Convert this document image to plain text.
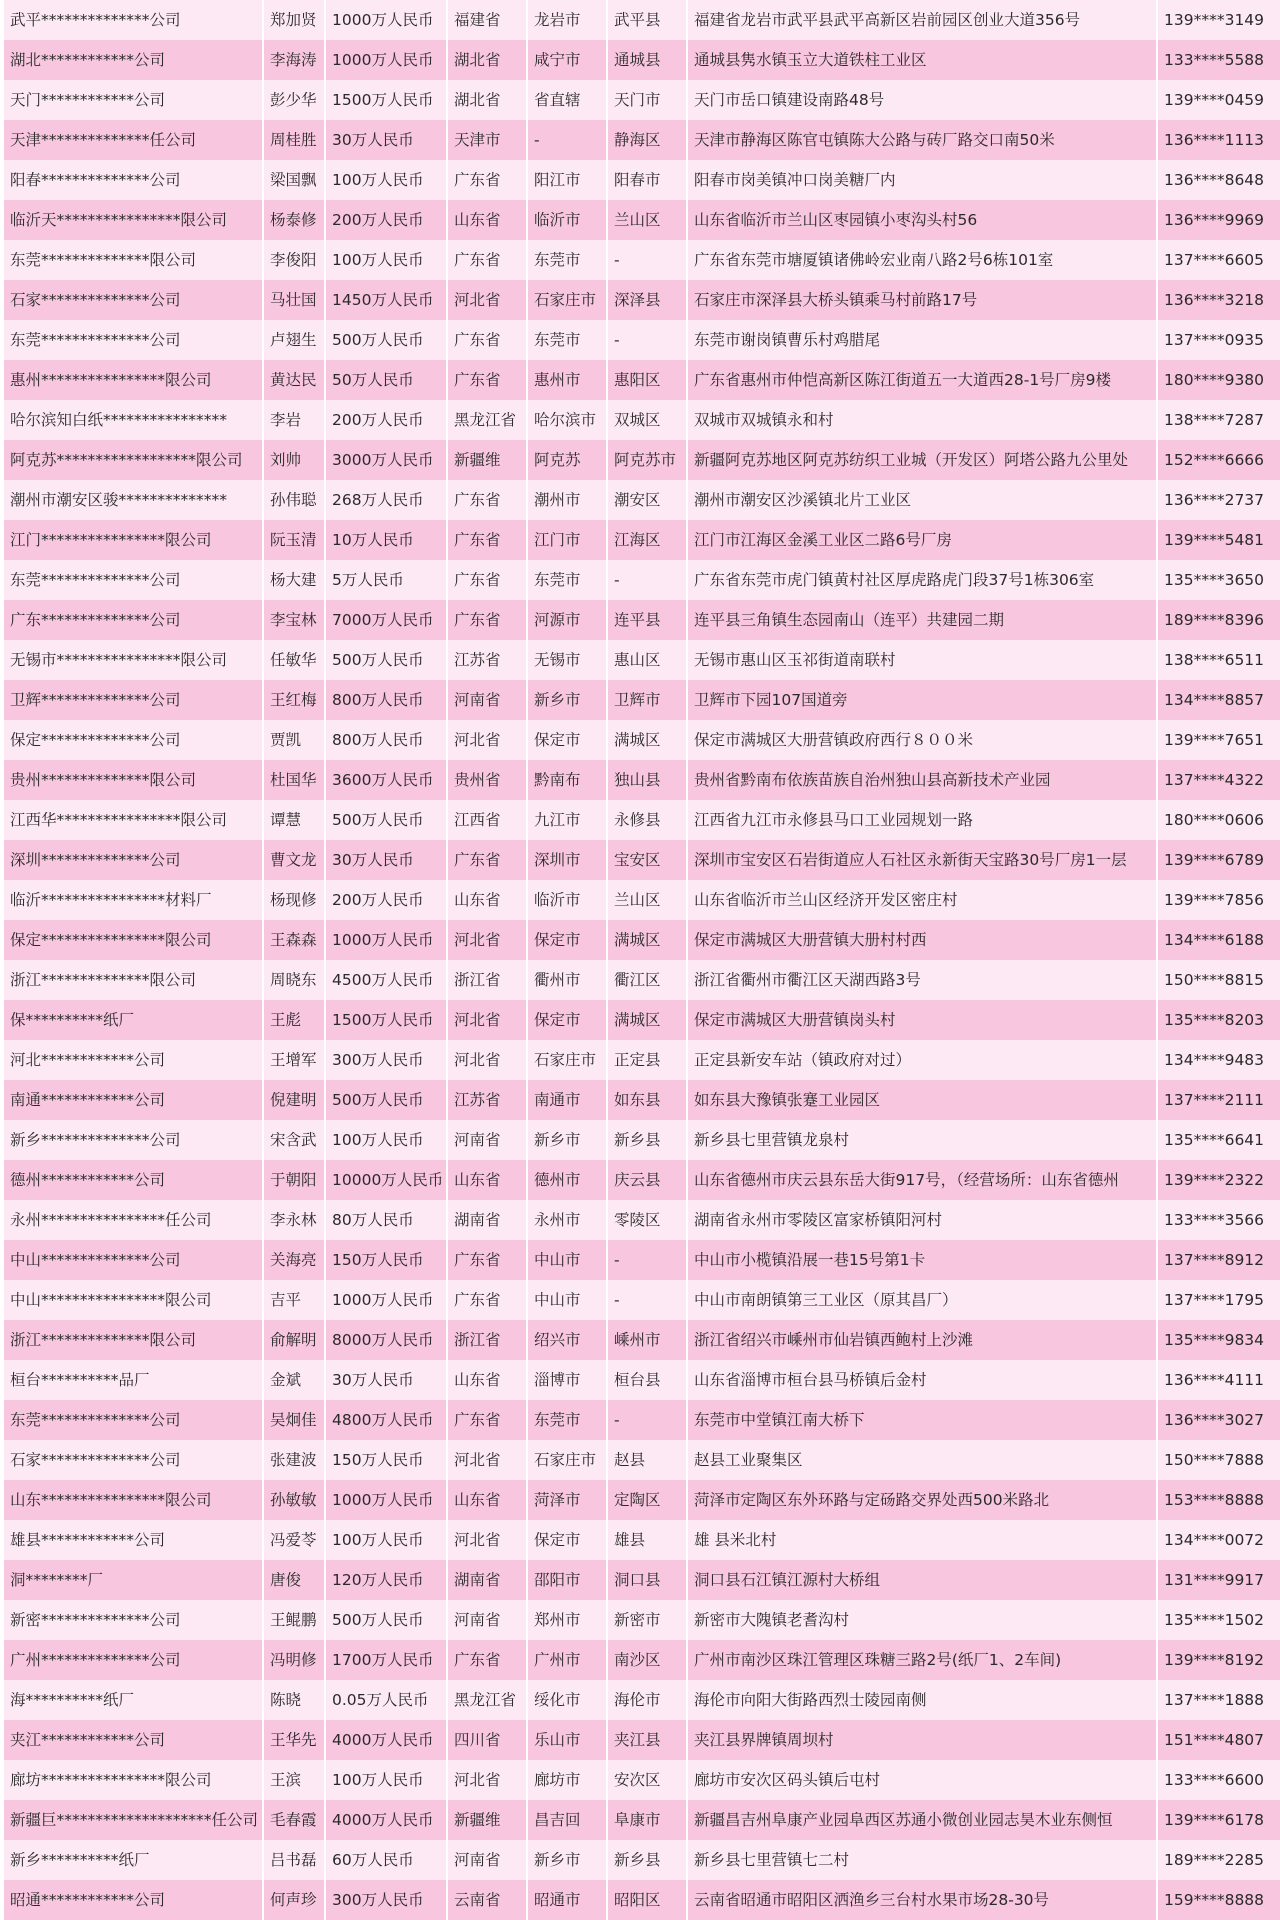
武平**************公司	郑加贤 1000万人民币	福建省	龙岩市	武平县	福建省龙岩市武平县武平高新区岩前园区创业大道356号	139****3149
湖北************公司	李海涛 1000万人民币	湖北省	咸宁市	通城县	通城县隽水镇玉立大道铁柱工业区	133****5588
天门************公司	彭少华 1500万人民币	湖北省	省直辖	天门市	天门市岳口镇建设南路48号	139****0459
天津**************任公司	周桂胜 30万人民币	天津市	-	静海区	天津市静海区陈官屯镇陈大公路与砖厂路交口南50米	136****1113
阳春**************公司	梁国飘 100万人民币	广东省	阳江市	阳春市	阳春市岗美镇冲口岗美糖厂内	136****8648
临沂天****************限公司	杨泰修 200万人民币	山东省	临沂市	兰山区	山东省临沂市兰山区枣园镇小枣沟头村56	136****9969
东莞**************限公司	李俊阳 100万人民币	广东省	东莞市	-	广东省东莞市塘厦镇诸佛岭宏业南八路2号6栋101室	137****6605
石家**************公司	马壮国 1450万人民币	河北省	石家庄市	深泽县	石家庄市深泽县大桥头镇乘马村前路17号	136****3218
东莞**************公司	卢翅生 500万人民币	广东省	东莞市	-	东莞市谢岗镇曹乐村鸡腊尾	137****0935
惠州****************限公司	黄达民 50万人民币	广东省	惠州市	惠阳区	广东省惠州市仲恺高新区陈江街道五一大道西28-1号厂房9楼	180****9380
哈尔滨知白纸****************	李岩	200万人民币	黑龙江省	哈尔滨市	双城区	双城市双城镇永和村	138****7287
阿克苏******************限公司	刘帅	3000万人民币	新疆维	阿克苏	阿克苏市	新疆阿克苏地区阿克苏纺织工业城（开发区）阿塔公路九公里处	152****6666
潮州市潮安区骏**************	孙伟聪 268万人民币	广东省	潮州市	潮安区	潮州市潮安区沙溪镇北片工业区	136****2737
江门****************限公司	阮玉清 10万人民币	广东省	江门市	江海区	江门市江海区金溪工业区二路6号厂房	139****5481
东莞**************公司	杨大建 5万人民币	广东省	东莞市	-	广东省东莞市虎门镇黄村社区厚虎路虎门段37号1栋306室	135****3650
广东**************公司	李宝林 7000万人民币	广东省	河源市	连平县	连平县三角镇生态园南山（连平）共建园二期	189****8396
无锡市****************限公司	任敏华 500万人民币	江苏省	无锡市	惠山区	无锡市惠山区玉祁街道南联村	138****6511
卫辉**************公司	王红梅 800万人民币	河南省	新乡市	卫辉市	卫辉市下园107国道旁	134****8857
保定**************公司	贾凯	800万人民币	河北省	保定市	满城区	保定市满城区大册营镇政府西行８００米	139****7651
贵州**************限公司	杜国华 3600万人民币	贵州省	黔南布	独山县	贵州省黔南布依族苗族自治州独山县高新技术产业园	137****4322
江西华****************限公司	谭慧	500万人民币	江西省	九江市	永修县	江西省九江市永修县马口工业园规划一路	180****0606
深圳**************公司	曹文龙 30万人民币	广东省	深圳市	宝安区	深圳市宝安区石岩街道应人石社区永新街天宝路30号厂房1一层	139****6789
临沂****************材料厂	杨现修 200万人民币	山东省	临沂市	兰山区	山东省临沂市兰山区经济开发区密庄村	139****7856
保定****************限公司	王森森 1000万人民币	河北省	保定市	满城区	保定市满城区大册营镇大册村村西	134****6188
浙江**************限公司	周晓东 4500万人民币	浙江省	衢州市	衢江区	浙江省衢州市衢江区天湖西路3号	150****8815
保**********纸厂	王彪	1500万人民币	河北省	保定市	满城区	保定市满城区大册营镇岗头村	135****8203
河北************公司	王增军 300万人民币	河北省	石家庄市	正定县	正定县新安车站（镇政府对过）	134****9483
南通************公司	倪建明 500万人民币	江苏省	南通市	如东县	如东县大豫镇张蹇工业园区	137****2111
新乡**************公司	宋含武 100万人民币	河南省	新乡市	新乡县	新乡县七里营镇龙泉村	135****6641
德州************公司	于朝阳 10000万人民币 山东省	德州市	庆云县	山东省德州市庆云县东岳大街917号，（经营场所：山东省德州	139****2322
永州****************任公司	李永林 80万人民币	湖南省	永州市	零陵区	湖南省永州市零陵区富家桥镇阳河村	133****3566
中山**************公司	关海亮 150万人民币	广东省	中山市	-	中山市小榄镇沿展一巷15号第1卡	137****8912
中山****************限公司	吉平	1000万人民币	广东省	中山市	-	中山市南朗镇第三工业区（原其昌厂）	137****1795
浙江**************限公司	俞解明 8000万人民币	浙江省	绍兴市	嵊州市	浙江省绍兴市嵊州市仙岩镇西鲍村上沙滩	135****9834
桓台**********品厂	金斌	30万人民币	山东省	淄博市	桓台县	山东省淄博市桓台县马桥镇后金村	136****4111
东莞**************公司	吴炯佳 4800万人民币	广东省	东莞市	-	东莞市中堂镇江南大桥下	136****3027
石家**************公司	张建波 150万人民币	河北省	石家庄市	赵县	赵县工业聚集区	150****7888
山东****************限公司	孙敏敏 1000万人民币	山东省	菏泽市	定陶区	菏泽市定陶区东外环路与定砀路交界处西500米路北	153****8888
雄县************公司	冯爱苓 100万人民币	河北省	保定市	雄县	雄 县米北村	134****0072
洞********厂	唐俊	120万人民币	湖南省	邵阳市	洞口县	洞口县石江镇江源村大桥组	131****9917
新密**************公司	王鲲鹏 500万人民币	河南省	郑州市	新密市	新密市大隗镇老耆沟村	135****1502
广州**************公司	冯明修 1700万人民币	广东省	广州市	南沙区	广州市南沙区珠江管理区珠糖三路2号(纸厂1、2车间)	139****8192
海**********纸厂	陈晓	0.05万人民币	黑龙江省	绥化市	海伦市	海伦市向阳大街路西烈士陵园南侧	137****1888
夹江************公司	王华先 4000万人民币	四川省	乐山市	夹江县	夹江县界牌镇周坝村	151****4807
廊坊****************限公司	王滨	100万人民币	河北省	廊坊市	安次区	廊坊市安次区码头镇后屯村	133****6600
新疆巨********************任公司 毛春霞 4000万人民币	新疆维	昌吉回	阜康市	新疆昌吉州阜康产业园阜西区苏通小微创业园志昊木业东侧恒	139****6178
新乡**********纸厂	吕书磊 60万人民币	河南省	新乡市	新乡县	新乡县七里营镇七二村	189****2285
昭通************公司	何声珍 300万人民币	云南省	昭通市	昭阳区	云南省昭通市昭阳区洒渔乡三台村水果市场28-30号	159****8888
